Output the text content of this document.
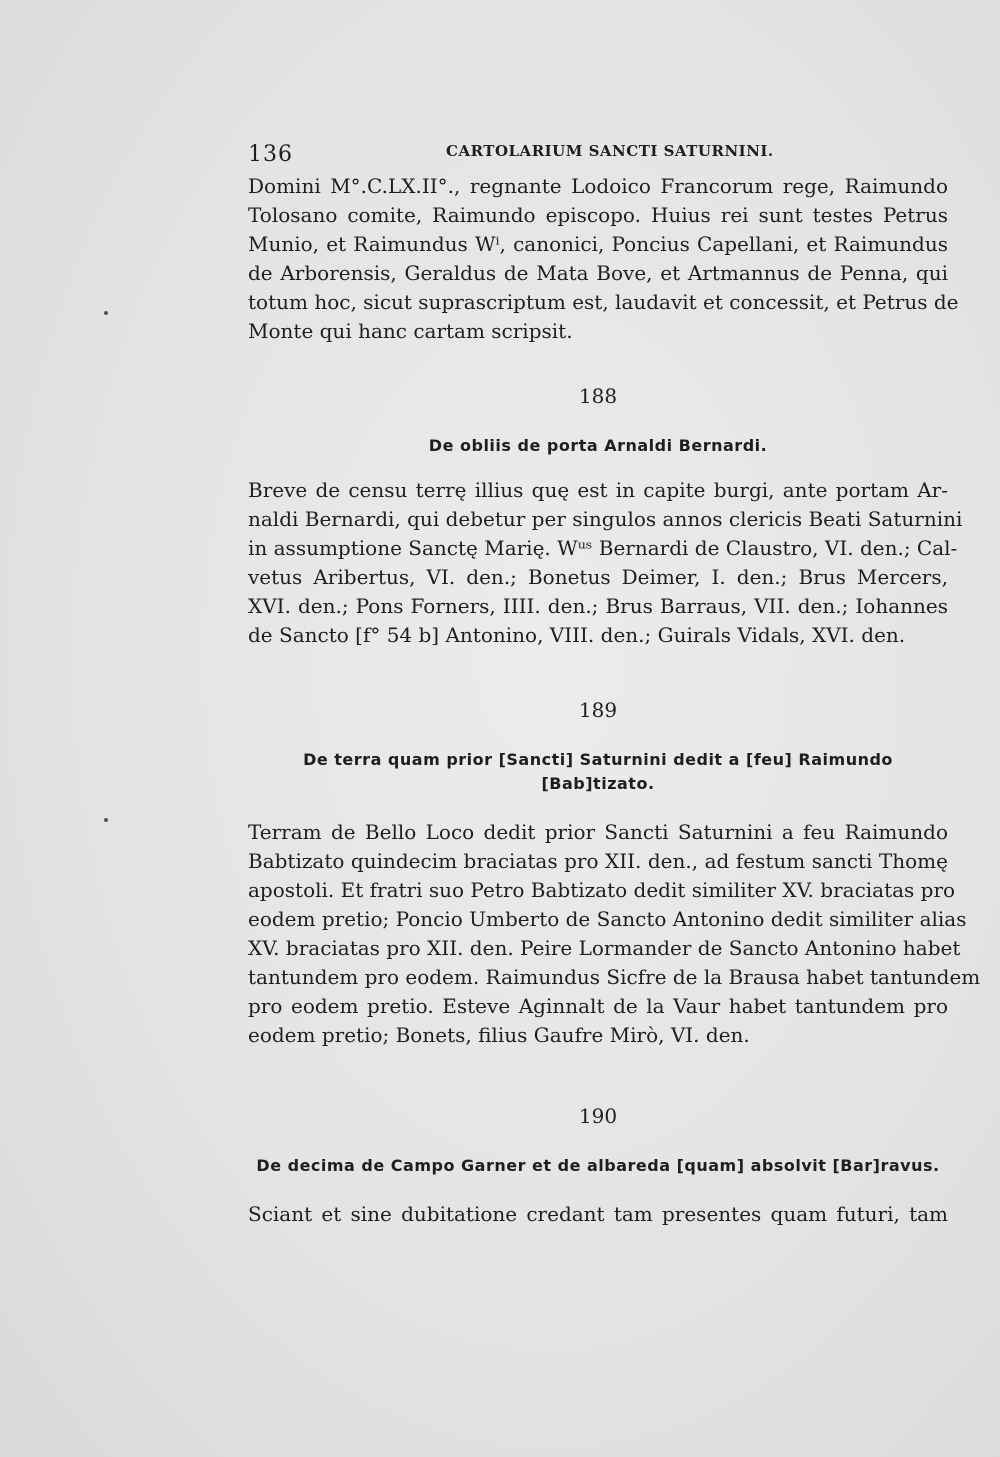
136	CARTOLARIUM SANCTI SATURNINI.
Domini M°.C.LX.II°., regnante Lodoico Francorum rege, Raimundo
Tolosano comite, Raimundo episcopo. Huius rei sunt testes Petrus
Munio, et Raimundus Wⁱ, canonici, Poncius Capellani, et Raimundus
de Arborensis, Geraldus de Mata Bove, et Artmannus de Penna, qui
totum hoc, sicut suprascriptum est, laudavit et concessit, et Petrus de
Monte qui hanc cartam scripsit.
188
De obliis de porta Arnaldi Bernardi.
Breve de censu terrę illius quę est in capite burgi, ante portam Ar-
naldi Bernardi, qui debetur per singulos annos clericis Beati Saturnini
in assumptione Sanctę Marię. Wᵘˢ Bernardi de Claustro, VI. den.; Cal-
vetus Aribertus, VI. den.; Bonetus Deimer, I. den.; Brus Mercers,
XVI. den.; Pons Forners, IIII. den.; Brus Barraus, VII. den.; Iohannes
de Sancto [f° 54 b] Antonino, VIII. den.; Guirals Vidals, XVI. den.
189
De terra quam prior [Sancti] Saturnini dedit a [feu] Raimundo
[Bab]tizato.
Terram de Bello Loco dedit prior Sancti Saturnini a feu Raimundo
Babtizato quindecim braciatas pro XII. den., ad festum sancti Thomę
apostoli. Et fratri suo Petro Babtizato dedit similiter XV. braciatas pro
eodem pretio; Poncio Umberto de Sancto Antonino dedit similiter alias
XV. braciatas pro XII. den. Peire Lormander de Sancto Antonino habet
tantundem pro eodem. Raimundus Sicfre de la Brausa habet tantundem
pro eodem pretio. Esteve Aginnalt de la Vaur habet tantundem pro
eodem pretio; Bonets, filius Gaufre Mirò, VI. den.
190
De decima de Campo Garner et de albareda [quam] absolvit [Bar]ravus.
Sciant et sine dubitatione credant tam presentes quam futuri, tam
